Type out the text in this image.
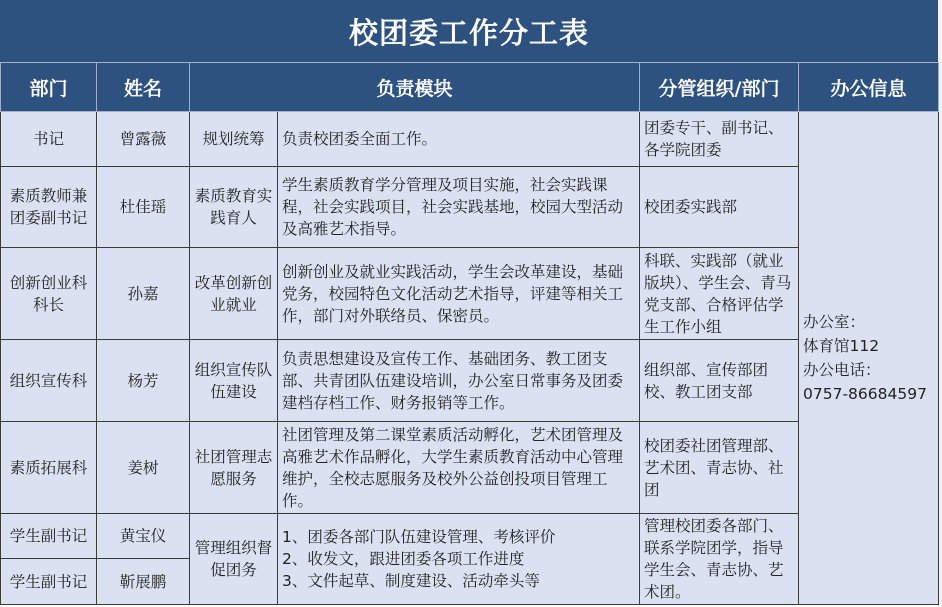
校团委工作分工表
部门	姓名	负责模块		分管组织/部门	办公信息
书记	曾露薇	规划统筹	负责校团委全面工作。	团委专干、副书记、各学院团委	办公室：
体育馆112
办公电话：
0757-86684597

素质教师兼团委副书记	杜佳瑶	素质教育实践育人	学生素质教育学分管理及项目实施，社会实践课程，社会实践项目，社会实践基地，校园大型活动及高雅艺术指导。	校团委实践部	
创新创业科科长	孙嘉	改革创新创业就业	创新创业及就业实践活动，学生会改革建设，基础党务，校园特色文化活动艺术指导，评建等相关工作，部门对外联络员、保密员。	科联、实践部（就业版块）、学生会、青马党支部、合格评估学生工作小组	
组织宣传科	杨芳	组织宣传队伍建设	负责思想建设及宣传工作、基础团务、教工团支部、共青团队伍建设培训，办公室日常事务及团委建档存档工作、财务报销等工作。	组织部、宣传部团校、教工团支部	
素质拓展科	姜树	社团管理志愿服务	社团管理及第二课堂素质活动孵化，艺术团管理及高雅艺术作品孵化，大学生素质教育活动中心管理维护，全校志愿服务及校外公益创投项目管理工作。	校团委社团管理部、艺术团、青志协、社团	
学生副书记	黄宝仪	管理组织督促团务	1、团委各部门队伍建设管理、考核评价
2、收发文，跟进团委各项工作进度
3、文件起草、制度建设、活动牵头等	管理校团委各部门、联系学院团学，指导学生会、青志协、艺术团。	
学生副书记	靳展鹏				
